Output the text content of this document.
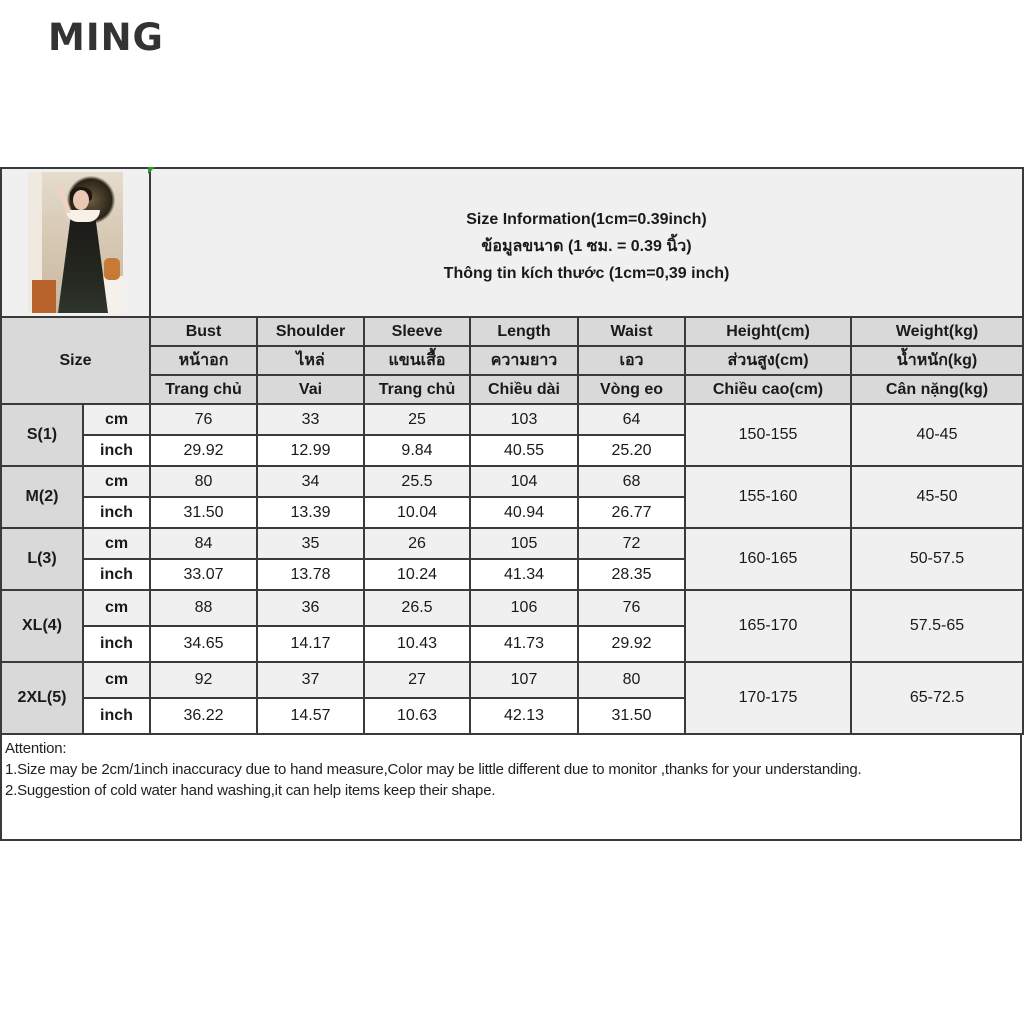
MING

		Size Information(1cm=0.39inch)
ข้อมูลขนาด (1 ซม. = 0.39 นิ้ว)
Thông tin kích thước (1cm=0,39 inch)						

Size		Bust	Shoulder	Sleeve	Length	Waist	Height(cm)	Weight(kg)
		หน้าอก	ไหล่	แขนเสื้อ	ความยาว	เอว	ส่วนสูง(cm)	น้ำหนัก(kg)
		Trang chủ	Vai	Trang chủ	Chiều dài	Vòng eo	Chiều cao(cm)	Cân nặng(kg)
S(1)	cm	76	33	25	103	64	150-155	40-45
	inch	29.92	12.99	9.84	40.55	25.20		
M(2)	cm	80	34	25.5	104	68	155-160	45-50
	inch	31.50	13.39	10.04	40.94	26.77		
L(3)	cm	84	35	26	105	72	160-165	50-57.5
	inch	33.07	13.78	10.24	41.34	28.35		
XL(4)	cm	88	36	26.5	106	76	165-170	57.5-65
	inch	34.65	14.17	10.43	41.73	29.92		
2XL(5)	cm	92	37	27	107	80	170-175	65-72.5
	inch	36.22	14.57	10.63	42.13	31.50		
Attention:
1.Size may be 2cm/1inch inaccuracy due to hand measure,Color may be little different due to monitor ,thanks for your understanding.
2.Suggestion of cold water hand washing,it can help items keep their shape.
